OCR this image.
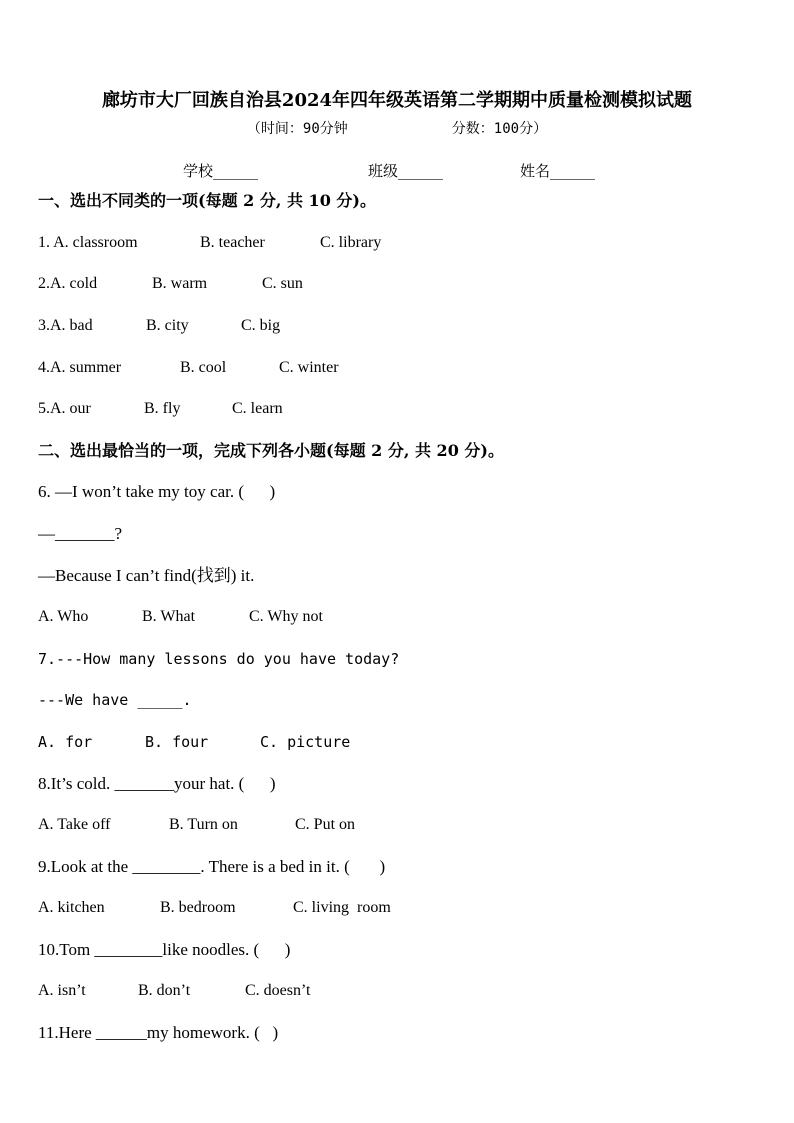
廊坊市大厂回族自治县2024年四年级英语第二学期期中质量检测模拟试题
（时间：90分钟	分数：100分）
学校______	班级______	姓名______
一、选出不同类的一项(每题 2 分, 共 10 分)。
1. A. classroom	B. teacher	C. library
2.A. cold	B. warm	C. sun
3.A. bad	B. city	C. big
4.A. summer	B. cool	C. winter
5.A. our	B. fly	C. learn
二、选出最恰当的一项，完成下列各小题(每题 2 分, 共 20 分)。
6. —I won’t take my toy car. (      )
—_______?
—Because I can’t find(找到) it.
A. Who	B. What	C. Why not
7.---How many lessons do you have today?
---We have _____.
A. for	B. four	C. picture
8.It’s cold. _______your hat. (      )
A. Take off	B. Turn on	C. Put on
9.Look at the ________. There is a bed in it. (       )
A. kitchen	B. bedroom	C. living  room
10.Tom ________like noodles. (      )
A. isn’t	B. don’t	C. doesn’t
11.Here ______my homework. (   )
